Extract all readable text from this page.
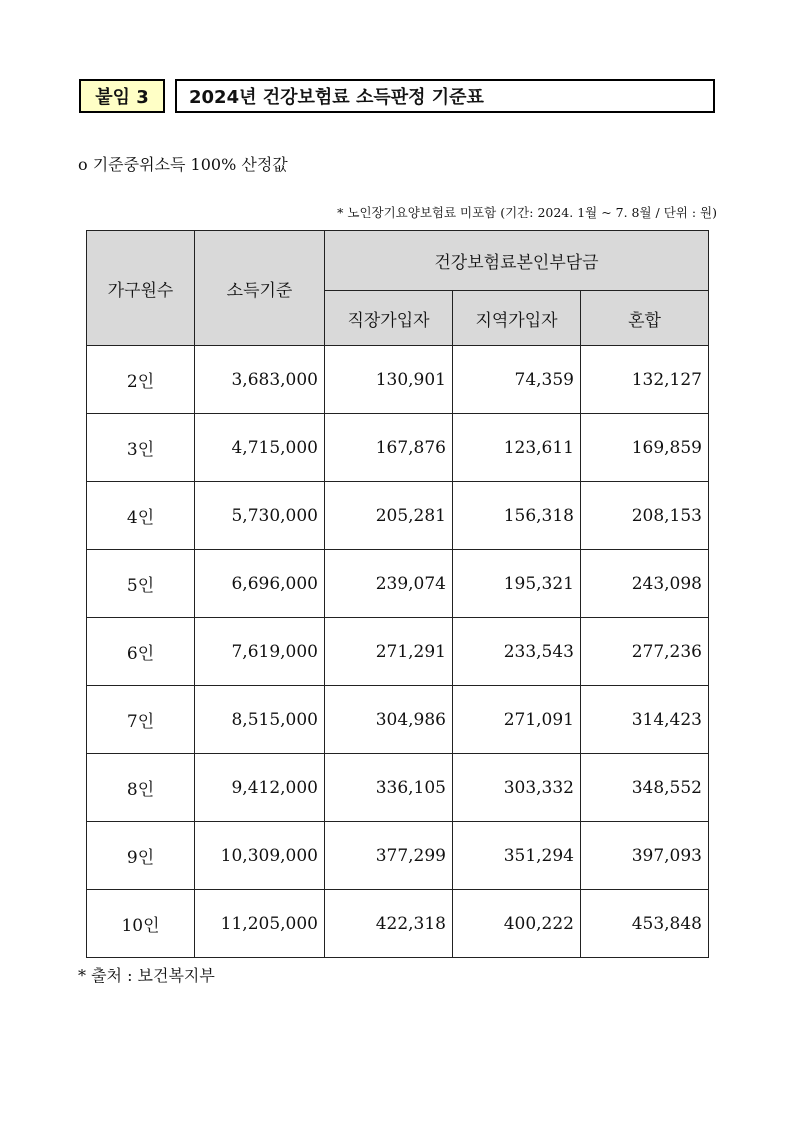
붙임 3	2024년 건강보험료 소득판정 기준표
o 기준중위소득 100% 산정값
* 노인장기요양보험료 미포함 (기간: 2024. 1월 ~ 7. 8월 / 단위 : 원)
가구원수	소득기준	건강보험료본인부담금		
		직장가입자	지역가입자	혼합
2인	3,683,000	130,901	74,359	132,127
3인	4,715,000	167,876	123,611	169,859
4인	5,730,000	205,281	156,318	208,153
5인	6,696,000	239,074	195,321	243,098
6인	7,619,000	271,291	233,543	277,236
7인	8,515,000	304,986	271,091	314,423
8인	9,412,000	336,105	303,332	348,552
9인	10,309,000	377,299	351,294	397,093
10인	11,205,000	422,318	400,222	453,848
* 출처 : 보건복지부
